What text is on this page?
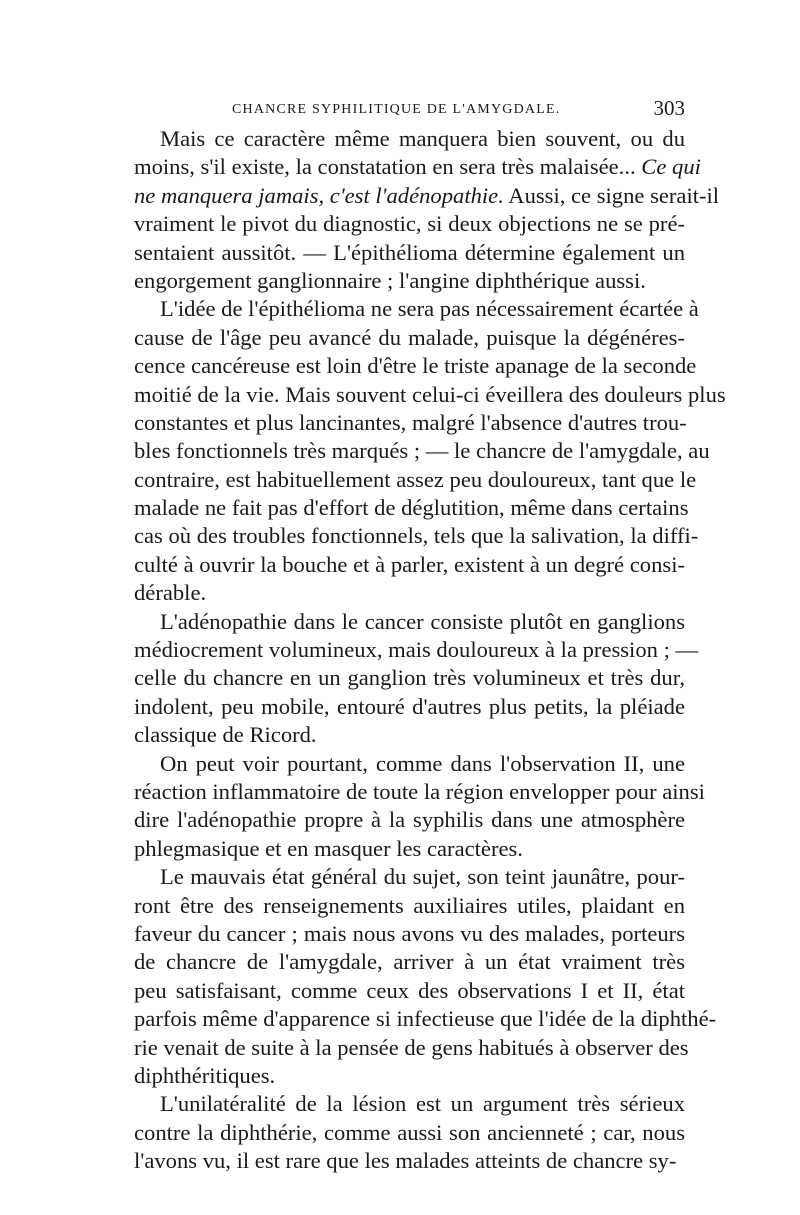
CHANCRE SYPHILITIQUE DE L'AMYGDALE.	303
Mais ce caractère même manquera bien souvent, ou du
moins, s'il existe, la constatation en sera très malaisée... Ce qui
ne manquera jamais, c'est l'adénopathie. Aussi, ce signe serait-il
vraiment le pivot du diagnostic, si deux objections ne se pré-
sentaient aussitôt. — L'épithélioma détermine également un
engorgement ganglionnaire ; l'angine diphthérique aussi.
L'idée de l'épithélioma ne sera pas nécessairement écartée à
cause de l'âge peu avancé du malade, puisque la dégénéres-
cence cancéreuse est loin d'être le triste apanage de la seconde
moitié de la vie. Mais souvent celui-ci éveillera des douleurs plus
constantes et plus lancinantes, malgré l'absence d'autres trou-
bles fonctionnels très marqués ; — le chancre de l'amygdale, au
contraire, est habituellement assez peu douloureux, tant que le
malade ne fait pas d'effort de déglutition, même dans certains
cas où des troubles fonctionnels, tels que la salivation, la diffi-
culté à ouvrir la bouche et à parler, existent à un degré consi-
dérable.
L'adénopathie dans le cancer consiste plutôt en ganglions
médiocrement volumineux, mais douloureux à la pression ; —
celle du chancre en un ganglion très volumineux et très dur,
indolent, peu mobile, entouré d'autres plus petits, la pléiade
classique de Ricord.
On peut voir pourtant, comme dans l'observation II, une
réaction inflammatoire de toute la région envelopper pour ainsi
dire l'adénopathie propre à la syphilis dans une atmosphère
phlegmasique et en masquer les caractères.
Le mauvais état général du sujet, son teint jaunâtre, pour-
ront être des renseignements auxiliaires utiles, plaidant en
faveur du cancer ; mais nous avons vu des malades, porteurs
de chancre de l'amygdale, arriver à un état vraiment très
peu satisfaisant, comme ceux des observations I et II, état
parfois même d'apparence si infectieuse que l'idée de la diphthé-
rie venait de suite à la pensée de gens habitués à observer des
diphthéritiques.
L'unilatéralité de la lésion est un argument très sérieux
contre la diphthérie, comme aussi son ancienneté ; car, nous
l'avons vu, il est rare que les malades atteints de chancre sy-
